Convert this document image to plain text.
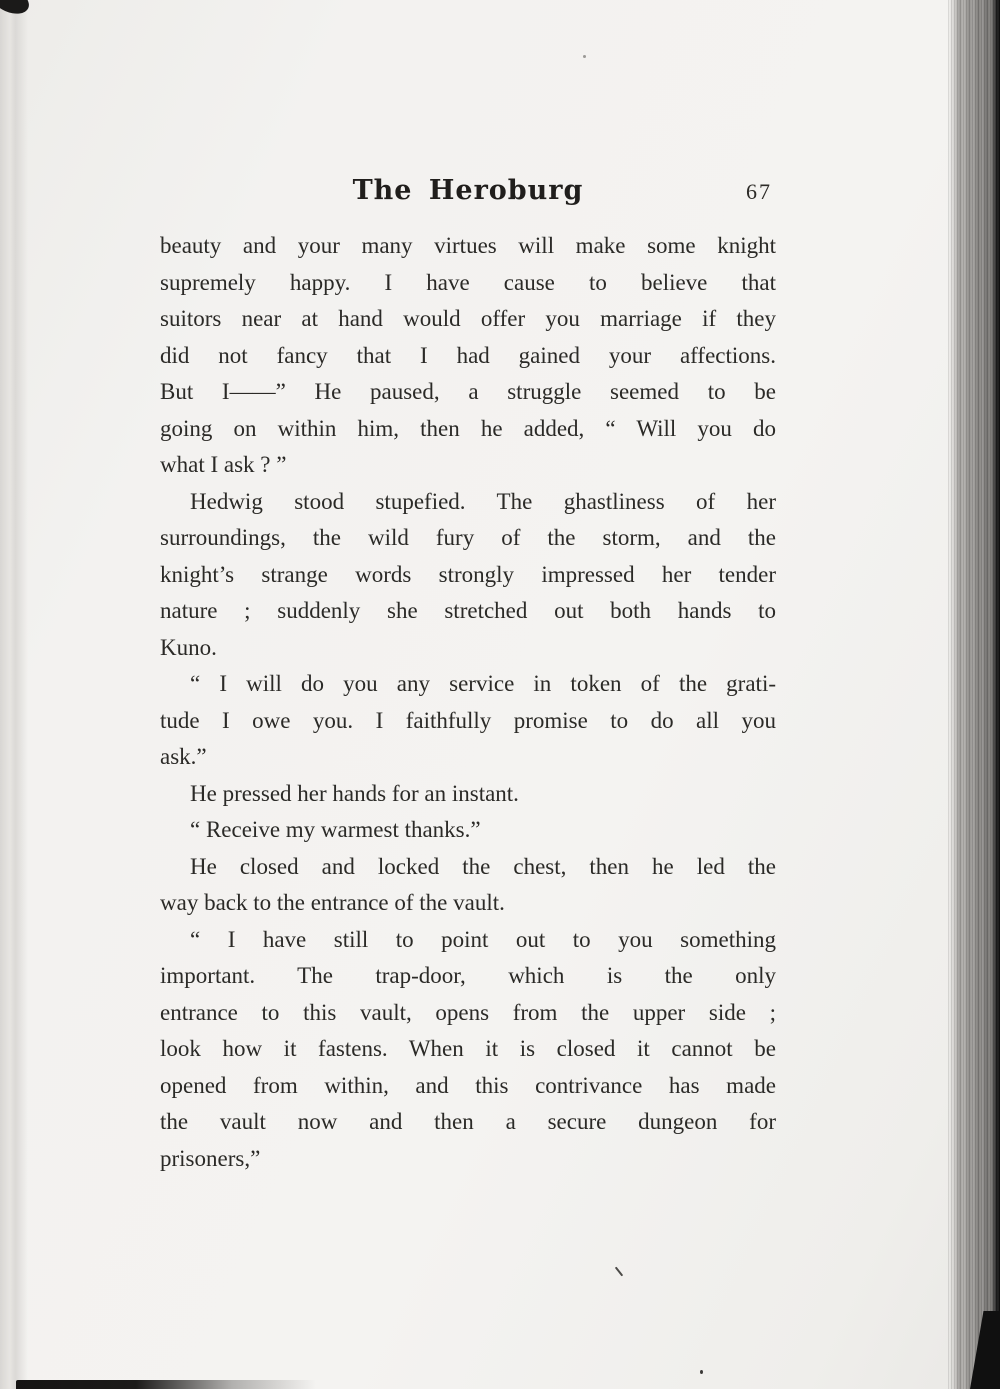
The Heroburg	67

beauty and your many virtues will make some knight
supremely happy. I have cause to believe that
suitors near at hand would offer you marriage if they
did not fancy that I had gained your affections.
But I——” He paused, a struggle seemed to be
going on within him, then he added, “ Will you do
what I ask ? ”

Hedwig stood stupefied. The ghastliness of her
surroundings, the wild fury of the storm, and the
knight’s strange words strongly impressed her tender
nature ; suddenly she stretched out both hands to
Kuno.

“ I will do you any service in token of the grati-
tude I owe you. I faithfully promise to do all you
ask.”

He pressed her hands for an instant.

“ Receive my warmest thanks.”

He closed and locked the chest, then he led the
way back to the entrance of the vault.

“ I have still to point out to you something
important. The trap-door, which is the only
entrance to this vault, opens from the upper side ;
look how it fastens. When it is closed it cannot be
opened from within, and this contrivance has made
the vault now and then a secure dungeon for
prisoners,”
